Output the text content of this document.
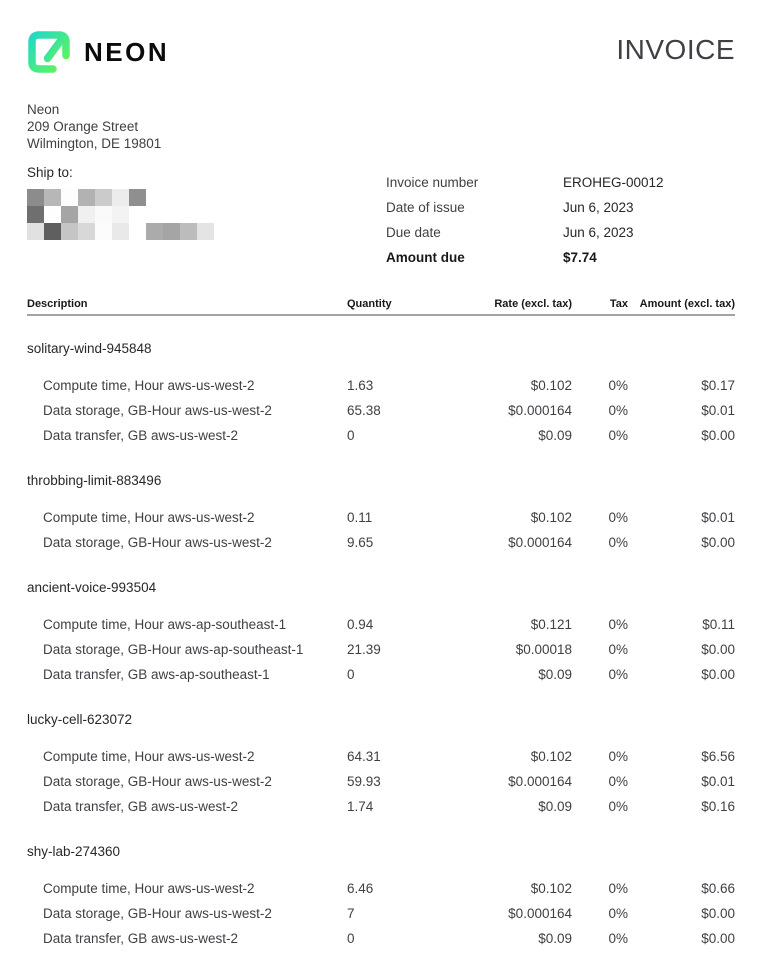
NEON	INVOICE
Neon
209 Orange Street
Wilmington, DE 19801
Ship to:
Invoice number	EROHEG-00012
Date of issue	Jun 6, 2023
Due date	Jun 6, 2023
Amount due	$7.74
Description	Quantity	Rate (excl. tax)	Tax	Amount (excl. tax)
solitary-wind-945848
Compute time, Hour aws-us-west-2	1.63	$0.102	0%	$0.17
Data storage, GB-Hour aws-us-west-2	65.38	$0.000164	0%	$0.01
Data transfer, GB aws-us-west-2	0	$0.09	0%	$0.00
throbbing-limit-883496
Compute time, Hour aws-us-west-2	0.11	$0.102	0%	$0.01
Data storage, GB-Hour aws-us-west-2	9.65	$0.000164	0%	$0.00
ancient-voice-993504
Compute time, Hour aws-ap-southeast-1	0.94	$0.121	0%	$0.11
Data storage, GB-Hour aws-ap-southeast-1	21.39	$0.00018	0%	$0.00
Data transfer, GB aws-ap-southeast-1	0	$0.09	0%	$0.00
lucky-cell-623072
Compute time, Hour aws-us-west-2	64.31	$0.102	0%	$6.56
Data storage, GB-Hour aws-us-west-2	59.93	$0.000164	0%	$0.01
Data transfer, GB aws-us-west-2	1.74	$0.09	0%	$0.16
shy-lab-274360
Compute time, Hour aws-us-west-2	6.46	$0.102	0%	$0.66
Data storage, GB-Hour aws-us-west-2	7	$0.000164	0%	$0.00
Data transfer, GB aws-us-west-2	0	$0.09	0%	$0.00
